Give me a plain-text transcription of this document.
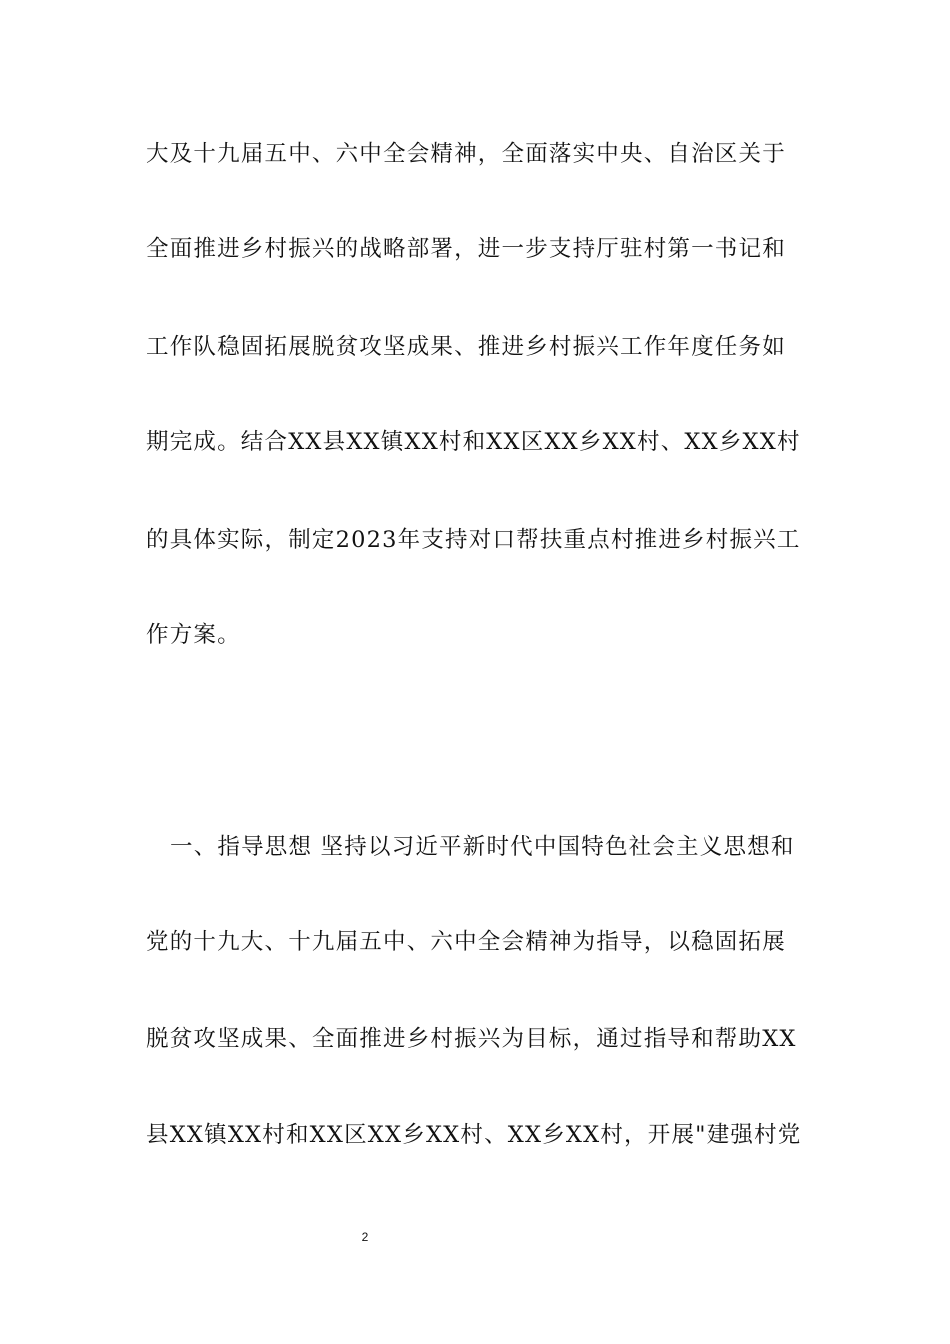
大及十九届五中、六中全会精神，全面落实中央、自治区关于
全面推进乡村振兴的战略部署，进一步支持厅驻村第一书记和
工作队稳固拓展脱贫攻坚成果、推进乡村振兴工作年度任务如
期完成。结合XX县XX镇XX村和XX区XX乡XX村、XX乡XX村
的具体实际，制定2023年支持对口帮扶重点村推进乡村振兴工
作方案。
一、指导思想 坚持以习近平新时代中国特色社会主义思想和
党的十九大、十九届五中、六中全会精神为指导，以稳固拓展
脱贫攻坚成果、全面推进乡村振兴为目标，通过指导和帮助XX
县XX镇XX村和XX区XX乡XX村、XX乡XX村，开展"建强村党
2
